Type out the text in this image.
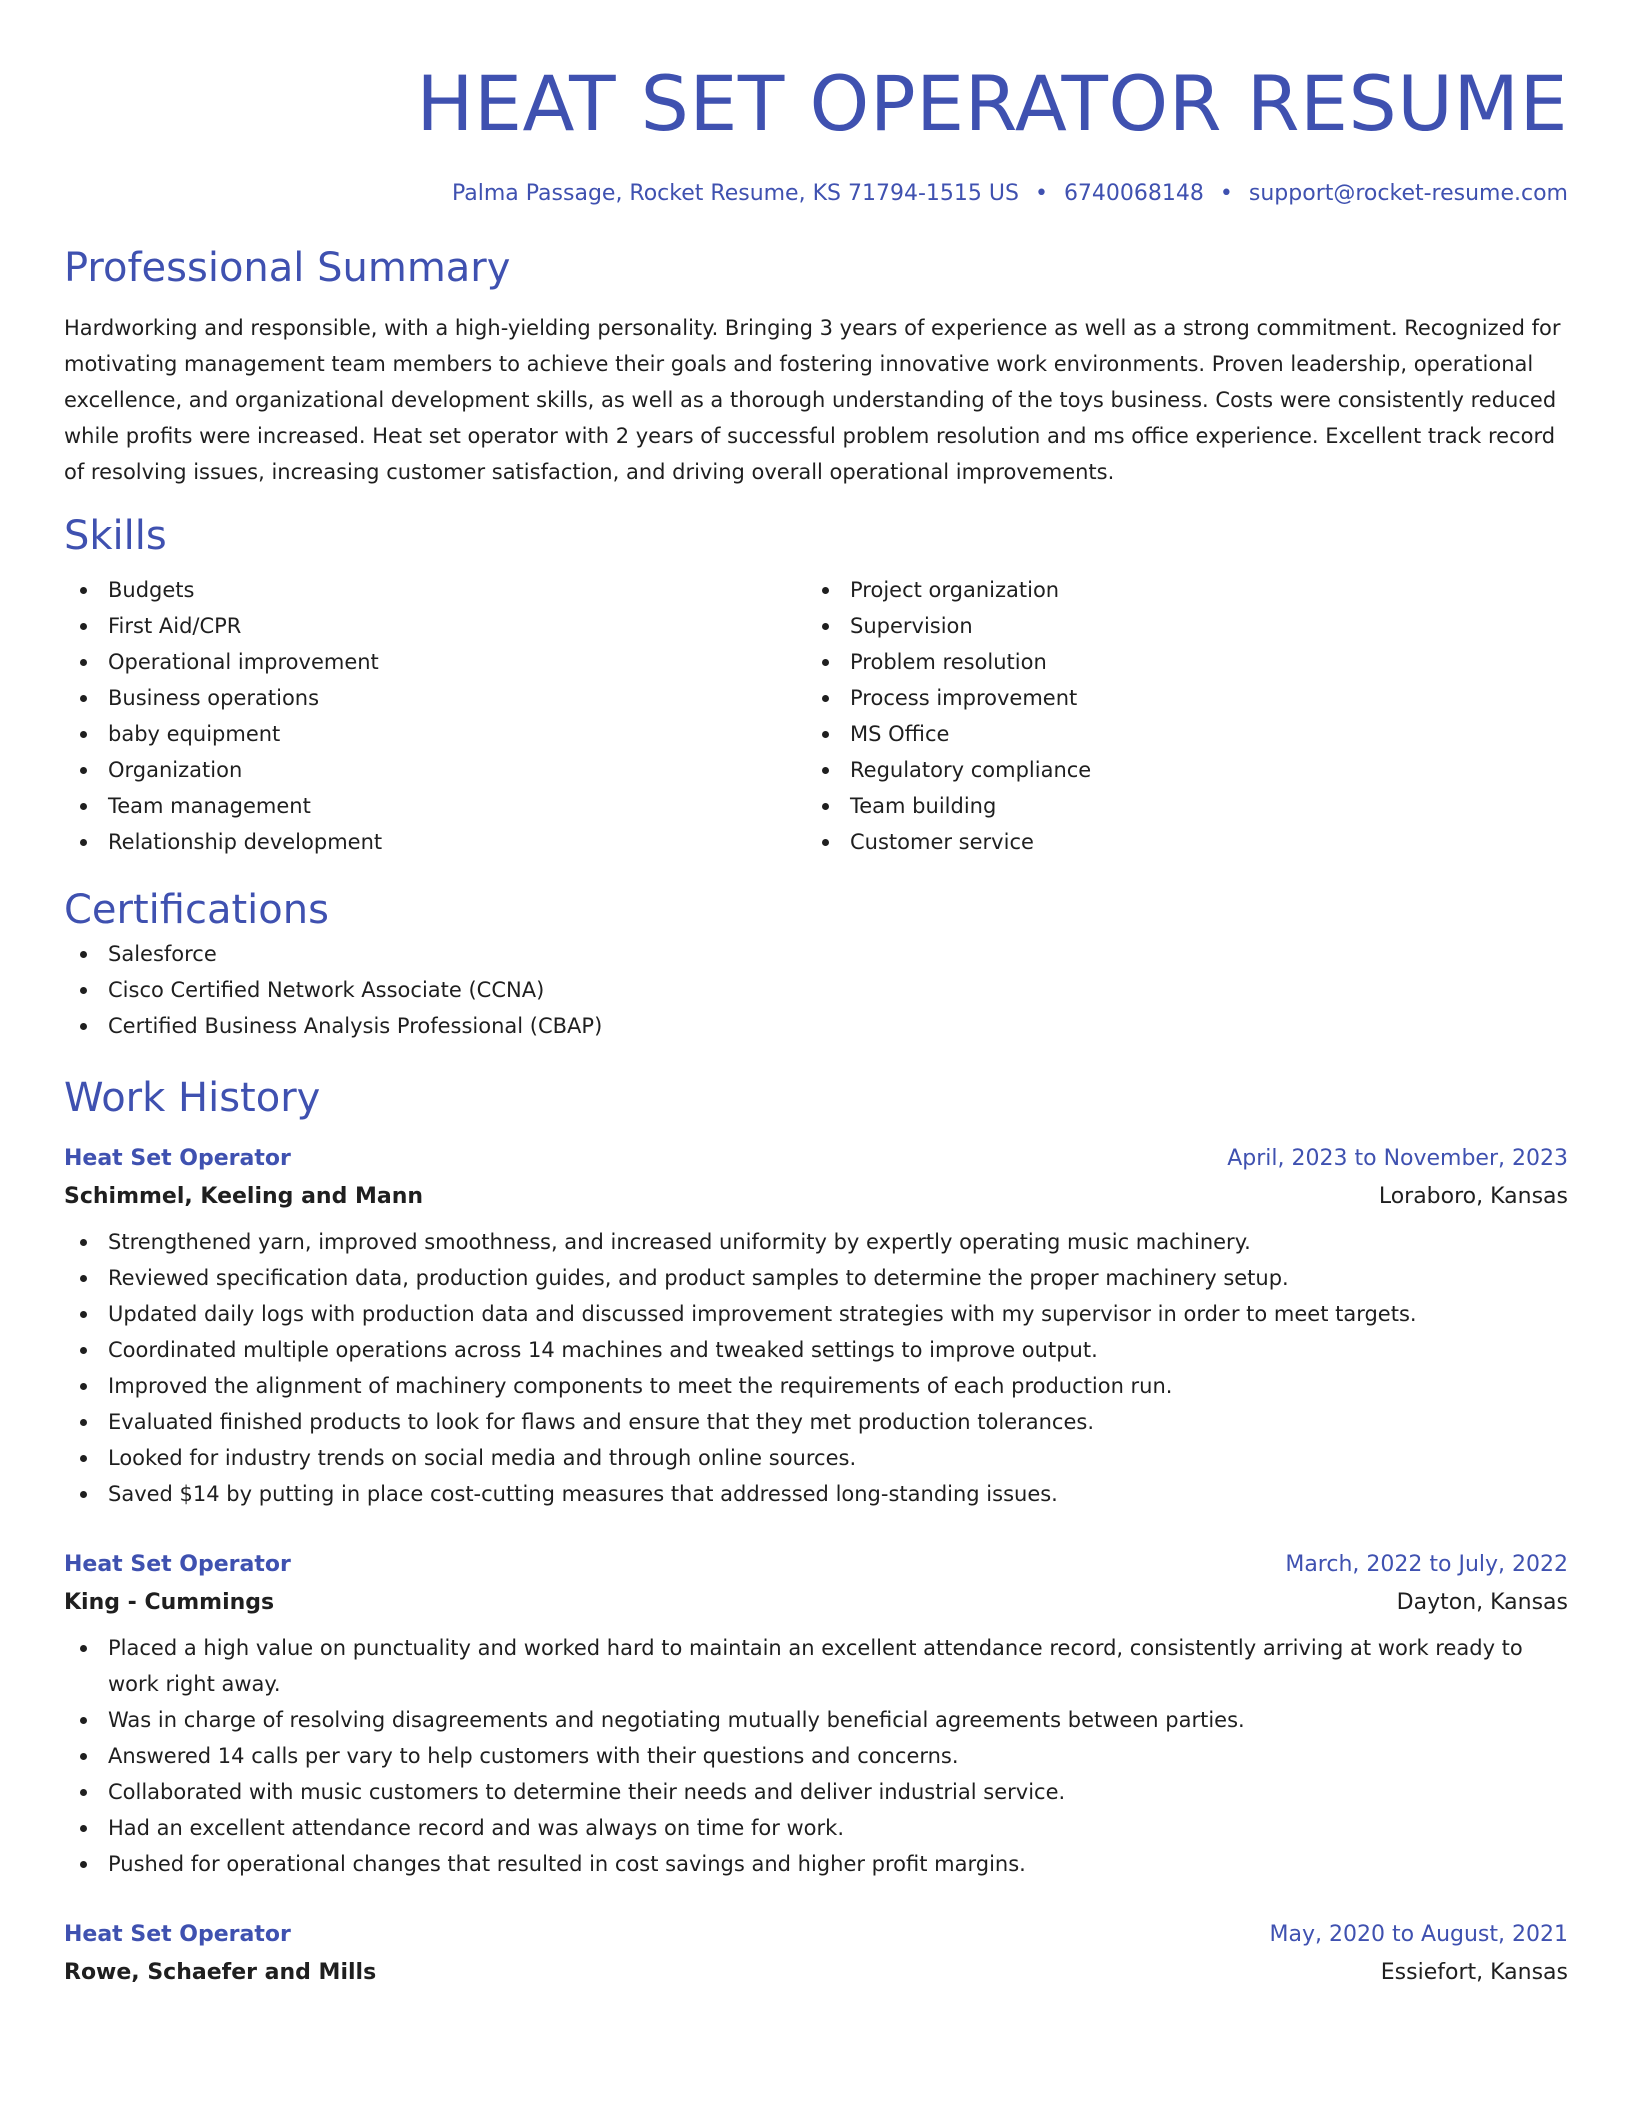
HEAT SET OPERATOR RESUME
Palma Passage, Rocket Resume, KS 71794-1515 US • 6740068148 • support@rocket-resume.com
Professional Summary

Hardworking and responsible, with a high-yielding personality. Bringing 3 years of experience as well as a strong commitment. Recognized for motivating management team members to achieve their goals and fostering innovative work environments. Proven leadership, operational excellence, and organizational development skills, as well as a thorough understanding of the toys business. Costs were consistently reduced while profits were increased. Heat set operator with 2 years of successful problem resolution and ms office experience. Excellent track record of resolving issues, increasing customer satisfaction, and driving overall operational improvements.

Skills
Budgets
First Aid/CPR
Operational improvement
Business operations
baby equipment
Organization
Team management
Relationship development
Project organization
Supervision
Problem resolution
Process improvement
MS Office
Regulatory compliance
Team building
Customer service
Certifications
Salesforce
Cisco Certified Network Associate (CCNA)
Certified Business Analysis Professional (CBAP)
Work History
Heat Set Operator	April, 2023 to November, 2023
Schimmel, Keeling and Mann	Loraboro, Kansas
Strengthened yarn, improved smoothness, and increased uniformity by expertly operating music machinery.
Reviewed specification data, production guides, and product samples to determine the proper machinery setup.
Updated daily logs with production data and discussed improvement strategies with my supervisor in order to meet targets.
Coordinated multiple operations across 14 machines and tweaked settings to improve output.
Improved the alignment of machinery components to meet the requirements of each production run.
Evaluated finished products to look for flaws and ensure that they met production tolerances.
Looked for industry trends on social media and through online sources.
Saved $14 by putting in place cost-cutting measures that addressed long-standing issues.
Heat Set Operator	March, 2022 to July, 2022
King - Cummings	Dayton, Kansas
Placed a high value on punctuality and worked hard to maintain an excellent attendance record, consistently arriving at work ready to work right away.
Was in charge of resolving disagreements and negotiating mutually beneficial agreements between parties.
Answered 14 calls per vary to help customers with their questions and concerns.
Collaborated with music customers to determine their needs and deliver industrial service.
Had an excellent attendance record and was always on time for work.
Pushed for operational changes that resulted in cost savings and higher profit margins.
Heat Set Operator	May, 2020 to August, 2021
Rowe, Schaefer and Mills	Essiefort, Kansas
